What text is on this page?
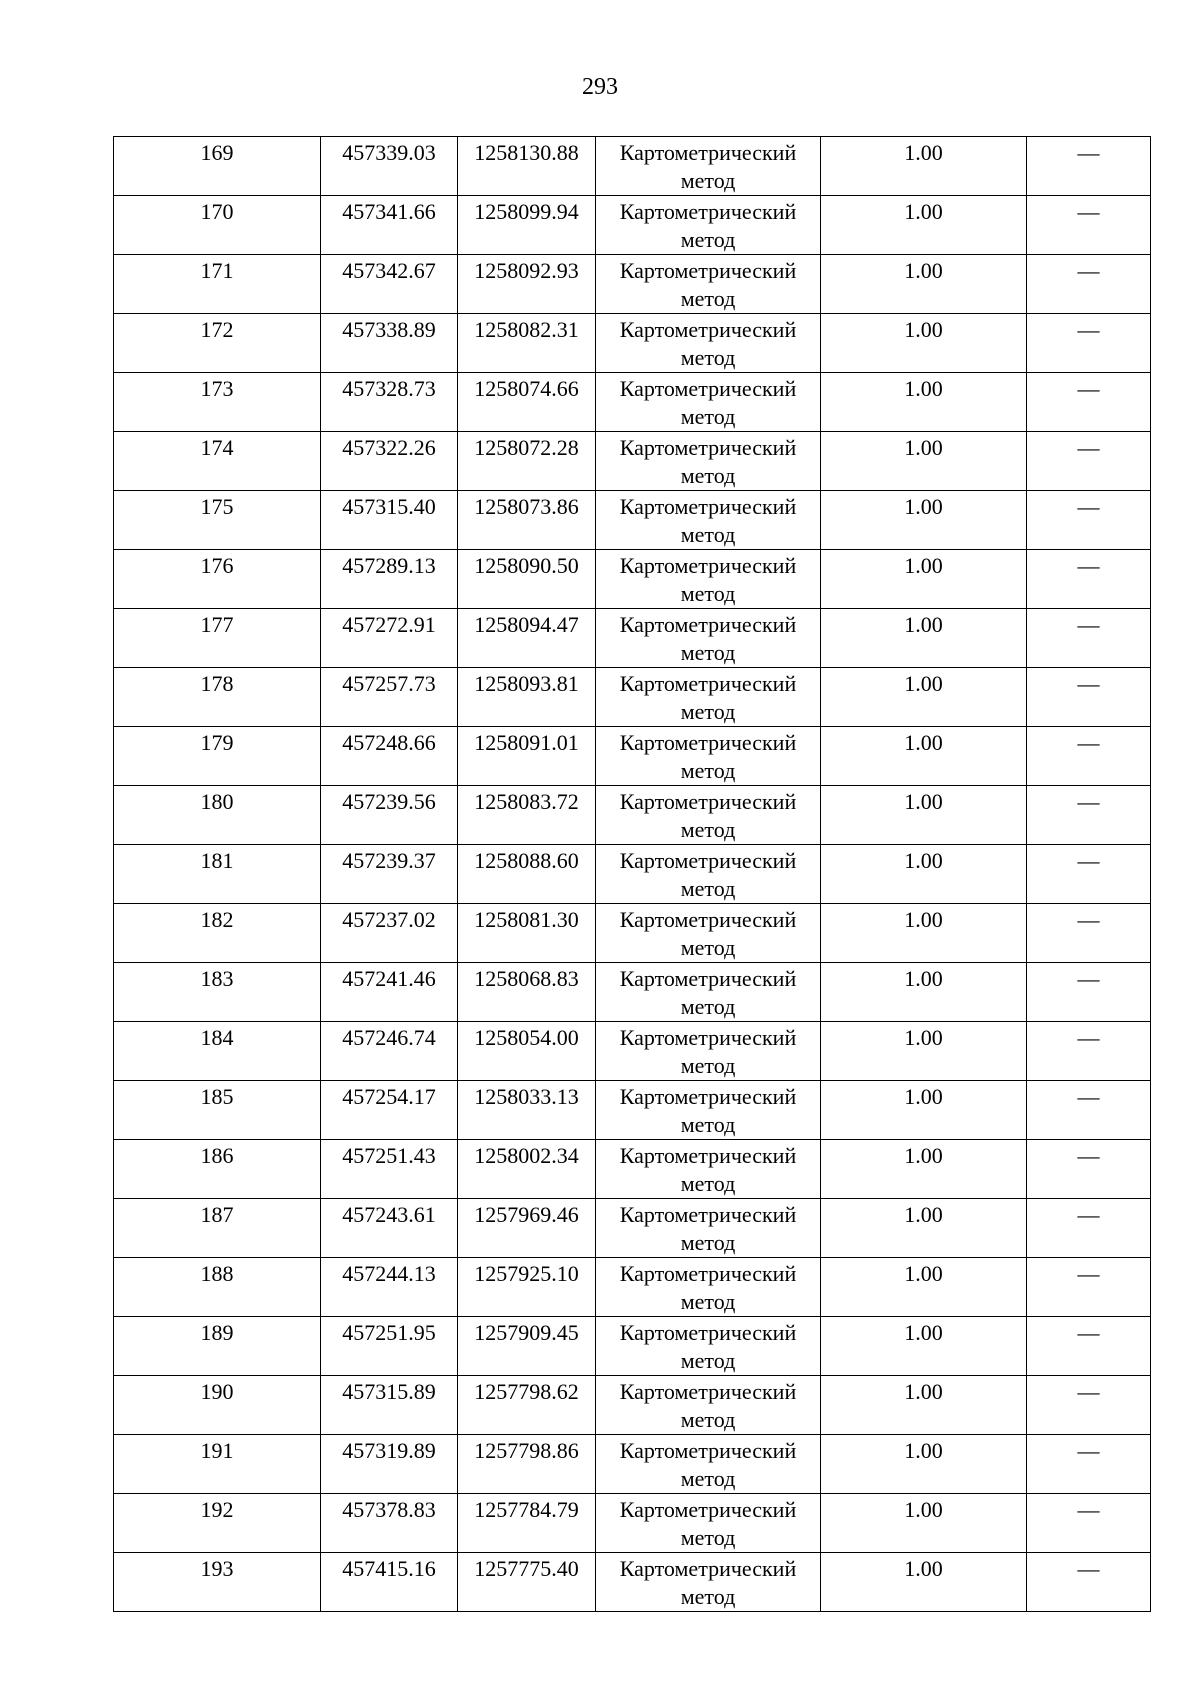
293
169	457339.03	1258130.88	Картометрический метод	1.00	—

170	457341.66	1258099.94	Картометрический метод	1.00	—

171	457342.67	1258092.93	Картометрический метод	1.00	—

172	457338.89	1258082.31	Картометрический метод	1.00	—

173	457328.73	1258074.66	Картометрический метод	1.00	—

174	457322.26	1258072.28	Картометрический метод	1.00	—

175	457315.40	1258073.86	Картометрический метод	1.00	—

176	457289.13	1258090.50	Картометрический метод	1.00	—

177	457272.91	1258094.47	Картометрический метод	1.00	—

178	457257.73	1258093.81	Картометрический метод	1.00	—

179	457248.66	1258091.01	Картометрический метод	1.00	—

180	457239.56	1258083.72	Картометрический метод	1.00	—

181	457239.37	1258088.60	Картометрический метод	1.00	—

182	457237.02	1258081.30	Картометрический метод	1.00	—

183	457241.46	1258068.83	Картометрический метод	1.00	—

184	457246.74	1258054.00	Картометрический метод	1.00	—

185	457254.17	1258033.13	Картометрический метод	1.00	—

186	457251.43	1258002.34	Картометрический метод	1.00	—

187	457243.61	1257969.46	Картометрический метод	1.00	—

188	457244.13	1257925.10	Картометрический метод	1.00	—

189	457251.95	1257909.45	Картометрический метод	1.00	—

190	457315.89	1257798.62	Картометрический метод	1.00	—

191	457319.89	1257798.86	Картометрический метод	1.00	—

192	457378.83	1257784.79	Картометрический метод	1.00	—

193	457415.16	1257775.40	Картометрический метод	1.00	—
